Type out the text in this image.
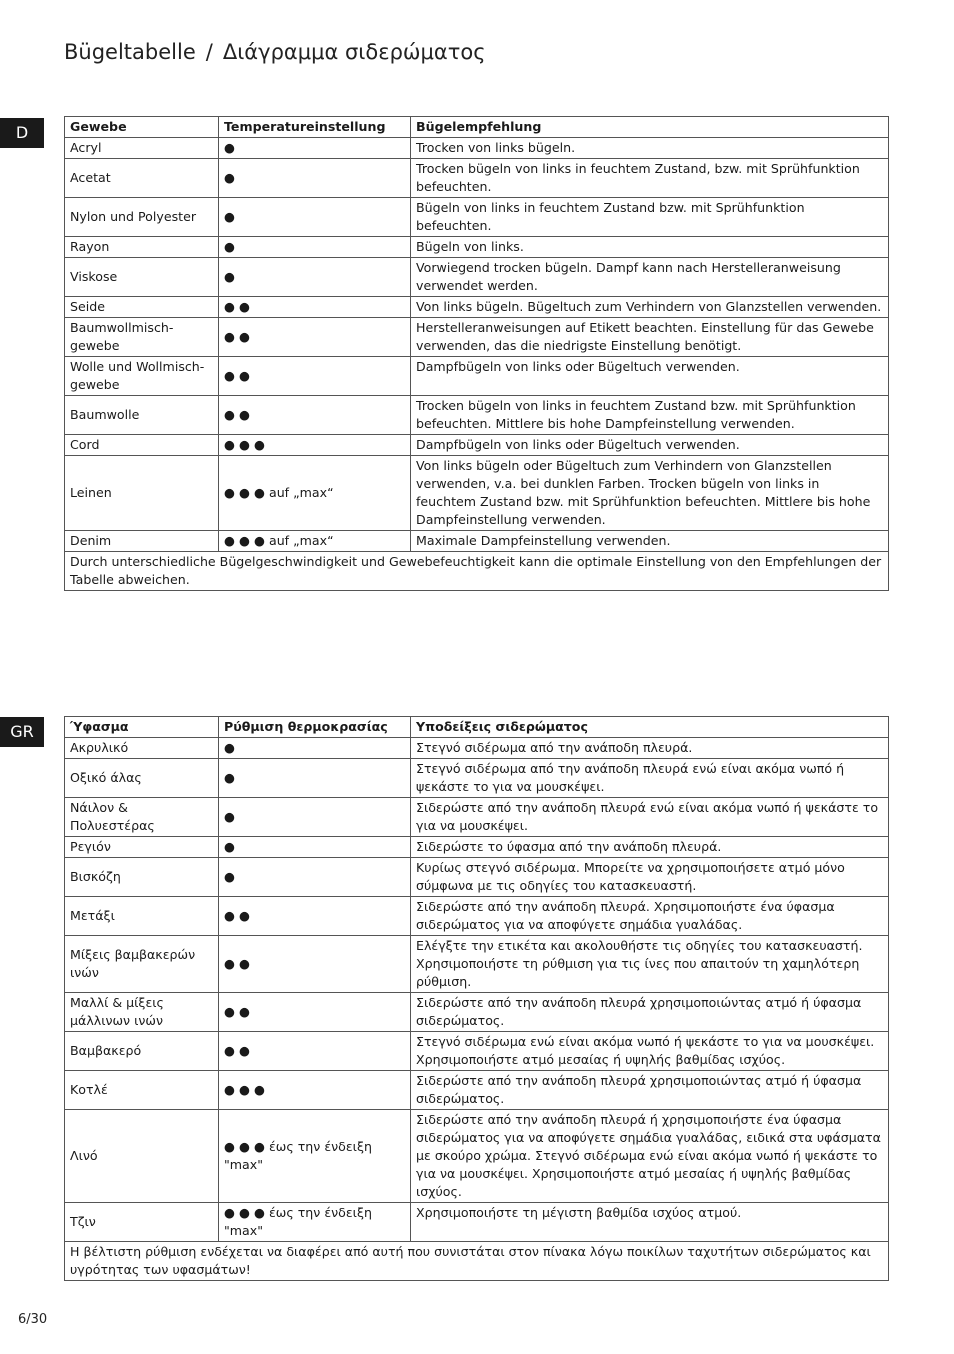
Bügeltabelle / Διάγραμμα σιδερώματος
D	Gewebe	Temperatureinstellung	Bügelempfehlung
Acryl	●	Trocken von links bügeln.
Acetat	●	Trocken bügeln von links in feuchtem Zustand, bzw. mit Sprühfunktion befeuchten.
Nylon und Polyester	●	Bügeln von links in feuchtem Zustand bzw. mit Sprühfunktion befeuchten.
Rayon	●	Bügeln von links.
Viskose	●	Vorwiegend trocken bügeln. Dampf kann nach Herstelleranweisung verwendet werden.
Seide	● ●	Von links bügeln. Bügeltuch zum Verhindern von Glanzstellen verwenden.
Baumwollmisch-gewebe	● ●	Herstelleranweisungen auf Etikett beachten. Einstellung für das Gewebe verwenden, das die niedrigste Einstellung benötigt.
Wolle und Wollmisch-gewebe	● ●	Dampfbügeln von links oder Bügeltuch verwenden.
Baumwolle	● ●	Trocken bügeln von links in feuchtem Zustand bzw. mit Sprühfunktion befeuchten. Mittlere bis hohe Dampfeinstellung verwenden.
Cord	● ● ●	Dampfbügeln von links oder Bügeltuch verwenden.
Leinen	● ● ● auf „max“	Von links bügeln oder Bügeltuch zum Verhindern von Glanzstellen verwenden, v.a. bei dunklen Farben. Trocken bügeln von links in feuchtem Zustand bzw. mit Sprühfunktion befeuchten. Mittlere bis hohe Dampfeinstellung verwenden.
Denim	● ● ● auf „max“	Maximale Dampfeinstellung verwenden.
Durch unterschiedliche Bügelgeschwindigkeit und Gewebefeuchtigkeit kann die optimale Einstellung von den Empfehlungen der Tabelle abweichen.		
GR	Ύφασμα	Ρύθμιση θερμοκρασίας	Υποδείξεις σιδερώματος
Ακρυλικό	●	Στεγνό σιδέρωμα από την ανάποδη πλευρά.
Οξικό άλας	●	Στεγνό σιδέρωμα από την ανάποδη πλευρά ενώ είναι ακόμα νωπό ή ψεκάστε το για να μουσκέψει.
Νάιλον & Πολυεστέρας	●	Σιδερώστε από την ανάποδη πλευρά ενώ είναι ακόμα νωπό ή ψεκάστε το για να μουσκέψει.
Ρεγιόν	●	Σιδερώστε το ύφασμα από την ανάποδη πλευρά.
Βισκόζη	●	Κυρίως στεγνό σιδέρωμα. Μπορείτε να χρησιμοποιήσετε ατμό μόνο σύμφωνα με τις οδηγίες του κατασκευαστή.
Μετάξι	● ●	Σιδερώστε από την ανάποδη πλευρά. Χρησιμοποιήστε ένα ύφασμα σιδερώματος για να αποφύγετε σημάδια γυαλάδας.
Μίξεις βαμβακερών ινών	● ●	Ελέγξτε την ετικέτα και ακολουθήστε τις οδηγίες του κατασκευαστή. Χρησιμοποιήστε τη ρύθμιση για τις ίνες που απαιτούν τη χαμηλότερη ρύθμιση.
Μαλλί & μίξεις μάλλινων ινών	● ●	Σιδερώστε από την ανάποδη πλευρά χρησιμοποιώντας ατμό ή ύφασμα σιδερώματος.
Βαμβακερό	● ●	Στεγνό σιδέρωμα ενώ είναι ακόμα νωπό ή ψεκάστε το για να μουσκέψει. Χρησιμοποιήστε ατμό μεσαίας ή υψηλής βαθμίδας ισχύος.
Κοτλέ	● ● ●	Σιδερώστε από την ανάποδη πλευρά χρησιμοποιώντας ατμό ή ύφασμα σιδερώματος.
Λινό	● ● ● έως την ένδειξη "max"	Σιδερώστε από την ανάποδη πλευρά ή χρησιμοποιήστε ένα ύφασμα σιδερώματος για να αποφύγετε σημάδια γυαλάδας, ειδικά στα υφάσματα με σκούρο χρώμα. Στεγνό σιδέρωμα ενώ είναι ακόμα νωπό ή ψεκάστε το για να μουσκέψει. Χρησιμοποιήστε ατμό μεσαίας ή υψηλής βαθμίδας ισχύος.
Τζιν	● ● ● έως την ένδειξη "max"	Χρησιμοποιήστε τη μέγιστη βαθμίδα ισχύος ατμού.
Η βέλτιστη ρύθμιση ενδέχεται να διαφέρει από αυτή που συνιστάται στον πίνακα λόγω ποικίλων ταχυτήτων σιδερώματος και υγρότητας των υφασμάτων!		
6/30
